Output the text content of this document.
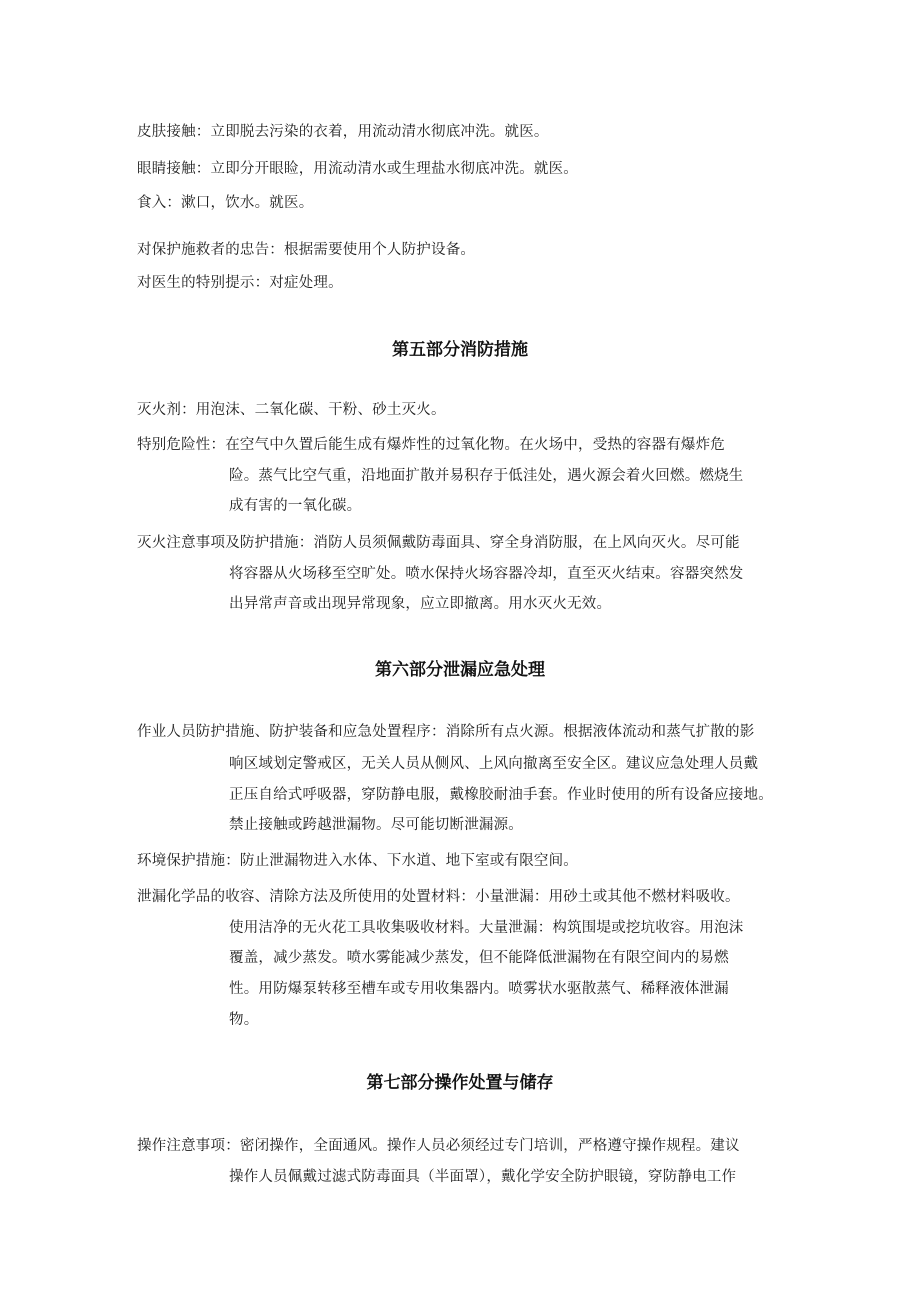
皮肤接触：立即脱去污染的衣着，用流动清水彻底冲洗。就医。
眼睛接触：立即分开眼睑，用流动清水或生理盐水彻底冲洗。就医。
食入：漱口，饮水。就医。
对保护施救者的忠告：根据需要使用个人防护设备。
对医生的特别提示：对症处理。
第五部分消防措施
灭火剂：用泡沫、二氧化碳、干粉、砂土灭火。
特别危险性：在空气中久置后能生成有爆炸性的过氧化物。在火场中，受热的容器有爆炸危
险。蒸气比空气重，沿地面扩散并易积存于低洼处，遇火源会着火回燃。燃烧生
成有害的一氧化碳。
灭火注意事项及防护措施：消防人员须佩戴防毒面具、穿全身消防服，在上风向灭火。尽可能
将容器从火场移至空旷处。喷水保持火场容器冷却，直至灭火结束。容器突然发
出异常声音或出现异常现象，应立即撤离。用水灭火无效。
第六部分泄漏应急处理
作业人员防护措施、防护装备和应急处置程序：消除所有点火源。根据液体流动和蒸气扩散的影
响区域划定警戒区，无关人员从侧风、上风向撤离至安全区。建议应急处理人员戴
正压自给式呼吸器，穿防静电服，戴橡胶耐油手套。作业时使用的所有设备应接地。
禁止接触或跨越泄漏物。尽可能切断泄漏源。
环境保护措施：防止泄漏物进入水体、下水道、地下室或有限空间。
泄漏化学品的收容、清除方法及所使用的处置材料：小量泄漏：用砂土或其他不燃材料吸收。
使用洁净的无火花工具收集吸收材料。大量泄漏：构筑围堤或挖坑收容。用泡沫
覆盖，减少蒸发。喷水雾能减少蒸发，但不能降低泄漏物在有限空间内的易燃
性。用防爆泵转移至槽车或专用收集器内。喷雾状水驱散蒸气、稀释液体泄漏
物。
第七部分操作处置与储存
操作注意事项：密闭操作，全面通风。操作人员必须经过专门培训，严格遵守操作规程。建议
操作人员佩戴过滤式防毒面具（半面罩），戴化学安全防护眼镜，穿防静电工作
